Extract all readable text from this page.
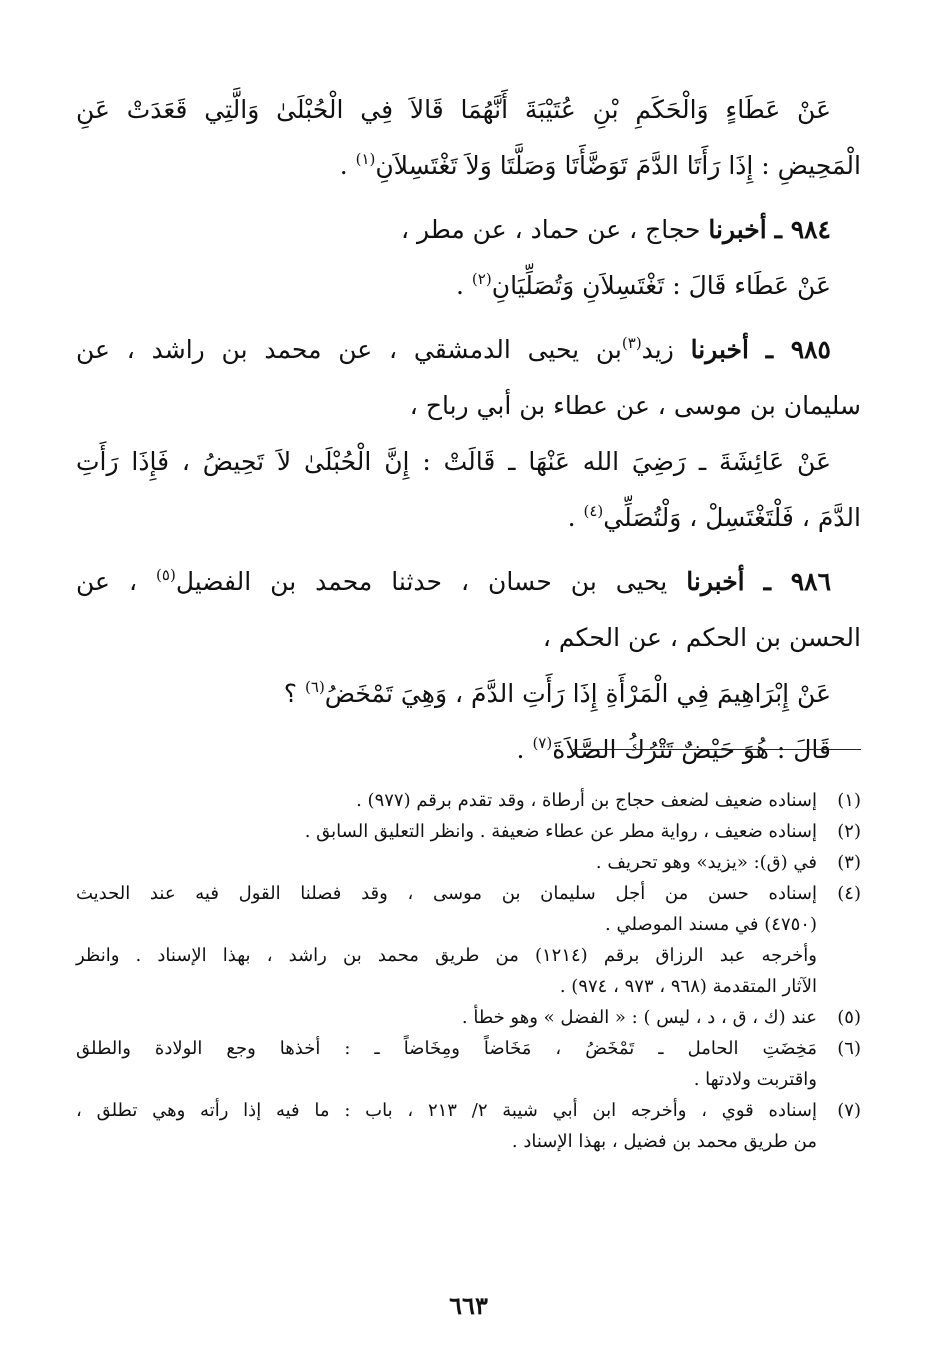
عَنْ عَطَاءٍ وَالْحَكَمِ بْنِ عُتَيْبَةَ أَنَّهُمَا قَالاَ فِي الْحُبْلَىٰ وَالَّتِي قَعَدَتْ عَنِ
الْمَحِيضِ : إِذَا رَأَتَا الدَّمَ تَوَضَّأَتَا وَصَلَّتَا وَلاَ تَغْتَسِلاَنِ$^{(١)}$ .
٩٨٤ ـ أخبرنا حجاج ، عن حماد ، عن مطر ،
عَنْ عَطَاء قَالَ : تَغْتَسِلاَنِ وَتُصَلِّيَانِ$^{(٢)}$ .
٩٨٥ ـ أخبرنا زيد$^{(٣)}$بن يحيى الدمشقي ، عن محمد بن راشد ، عن
سليمان بن موسى ، عن عطاء بن أبي رباح ،
عَنْ عَائِشَةَ ـ رَضِيَ الله عَنْهَا ـ قَالَتْ : إِنَّ الْحُبْلَىٰ لاَ تَحِيضُ ، فَإِذَا رَأَتِ
الدَّمَ ، فَلْتَغْتَسِلْ ، وَلْتُصَلِّي$^{(٤)}$ .
٩٨٦ ـ أخبرنا يحيى بن حسان ، حدثنا محمد بن الفضيل$^{(٥)}$ ، عن
الحسن بن الحكم ، عن الحكم ،
عَنْ إِبْرَاهِيمَ فِي الْمَرْأَةِ إِذَا رَأَتِ الدَّمَ ، وَهِيَ تَمْخَضُ$^{(٦)}$ ؟
قَالَ : هُوَ حَيْضٌ تَتْرُكُ الصَّلاَةَ$^{(٧)}$ .
(١)
إسناده ضعيف لضعف حجاج بن أرطاة ، وقد تقدم برقم (٩٧٧) .
(٢)
إسناده ضعيف ، رواية مطر عن عطاء ضعيفة . وانظر التعليق السابق .
(٣)
في (ق): «يزيد» وهو تحريف .
(٤)
إسناده حسن من أجل سليمان بن موسى ، وقد فصلنا القول فيه عند الحديث
(٤٧٥٠) في مسند الموصلي .
وأخرجه عبد الرزاق برقم (١٢١٤) من طريق محمد بن راشد ، بهذا الإسناد . وانظر
الآثار المتقدمة (٩٦٨ ، ٩٧٣ ، ٩٧٤) .
(٥)
عند (ك ، ق ، د ، ليس ) : « الفضل » وهو خطأ .
(٦)
مَخِضَتِ الحامل ـ تَمْخَضُ ، مَخَاضاً ومِخَاضاً ـ : أخذها وجع الولادة والطلق
واقتربت ولادتها .
(٧)
إسناده قوي ، وأخرجه ابن أبي شيبة ٢/ ٢١٣ ، باب : ما فيه إذا رأته وهي تطلق ،
من طريق محمد بن فضيل ، بهذا الإسناد .
٦٦٣
